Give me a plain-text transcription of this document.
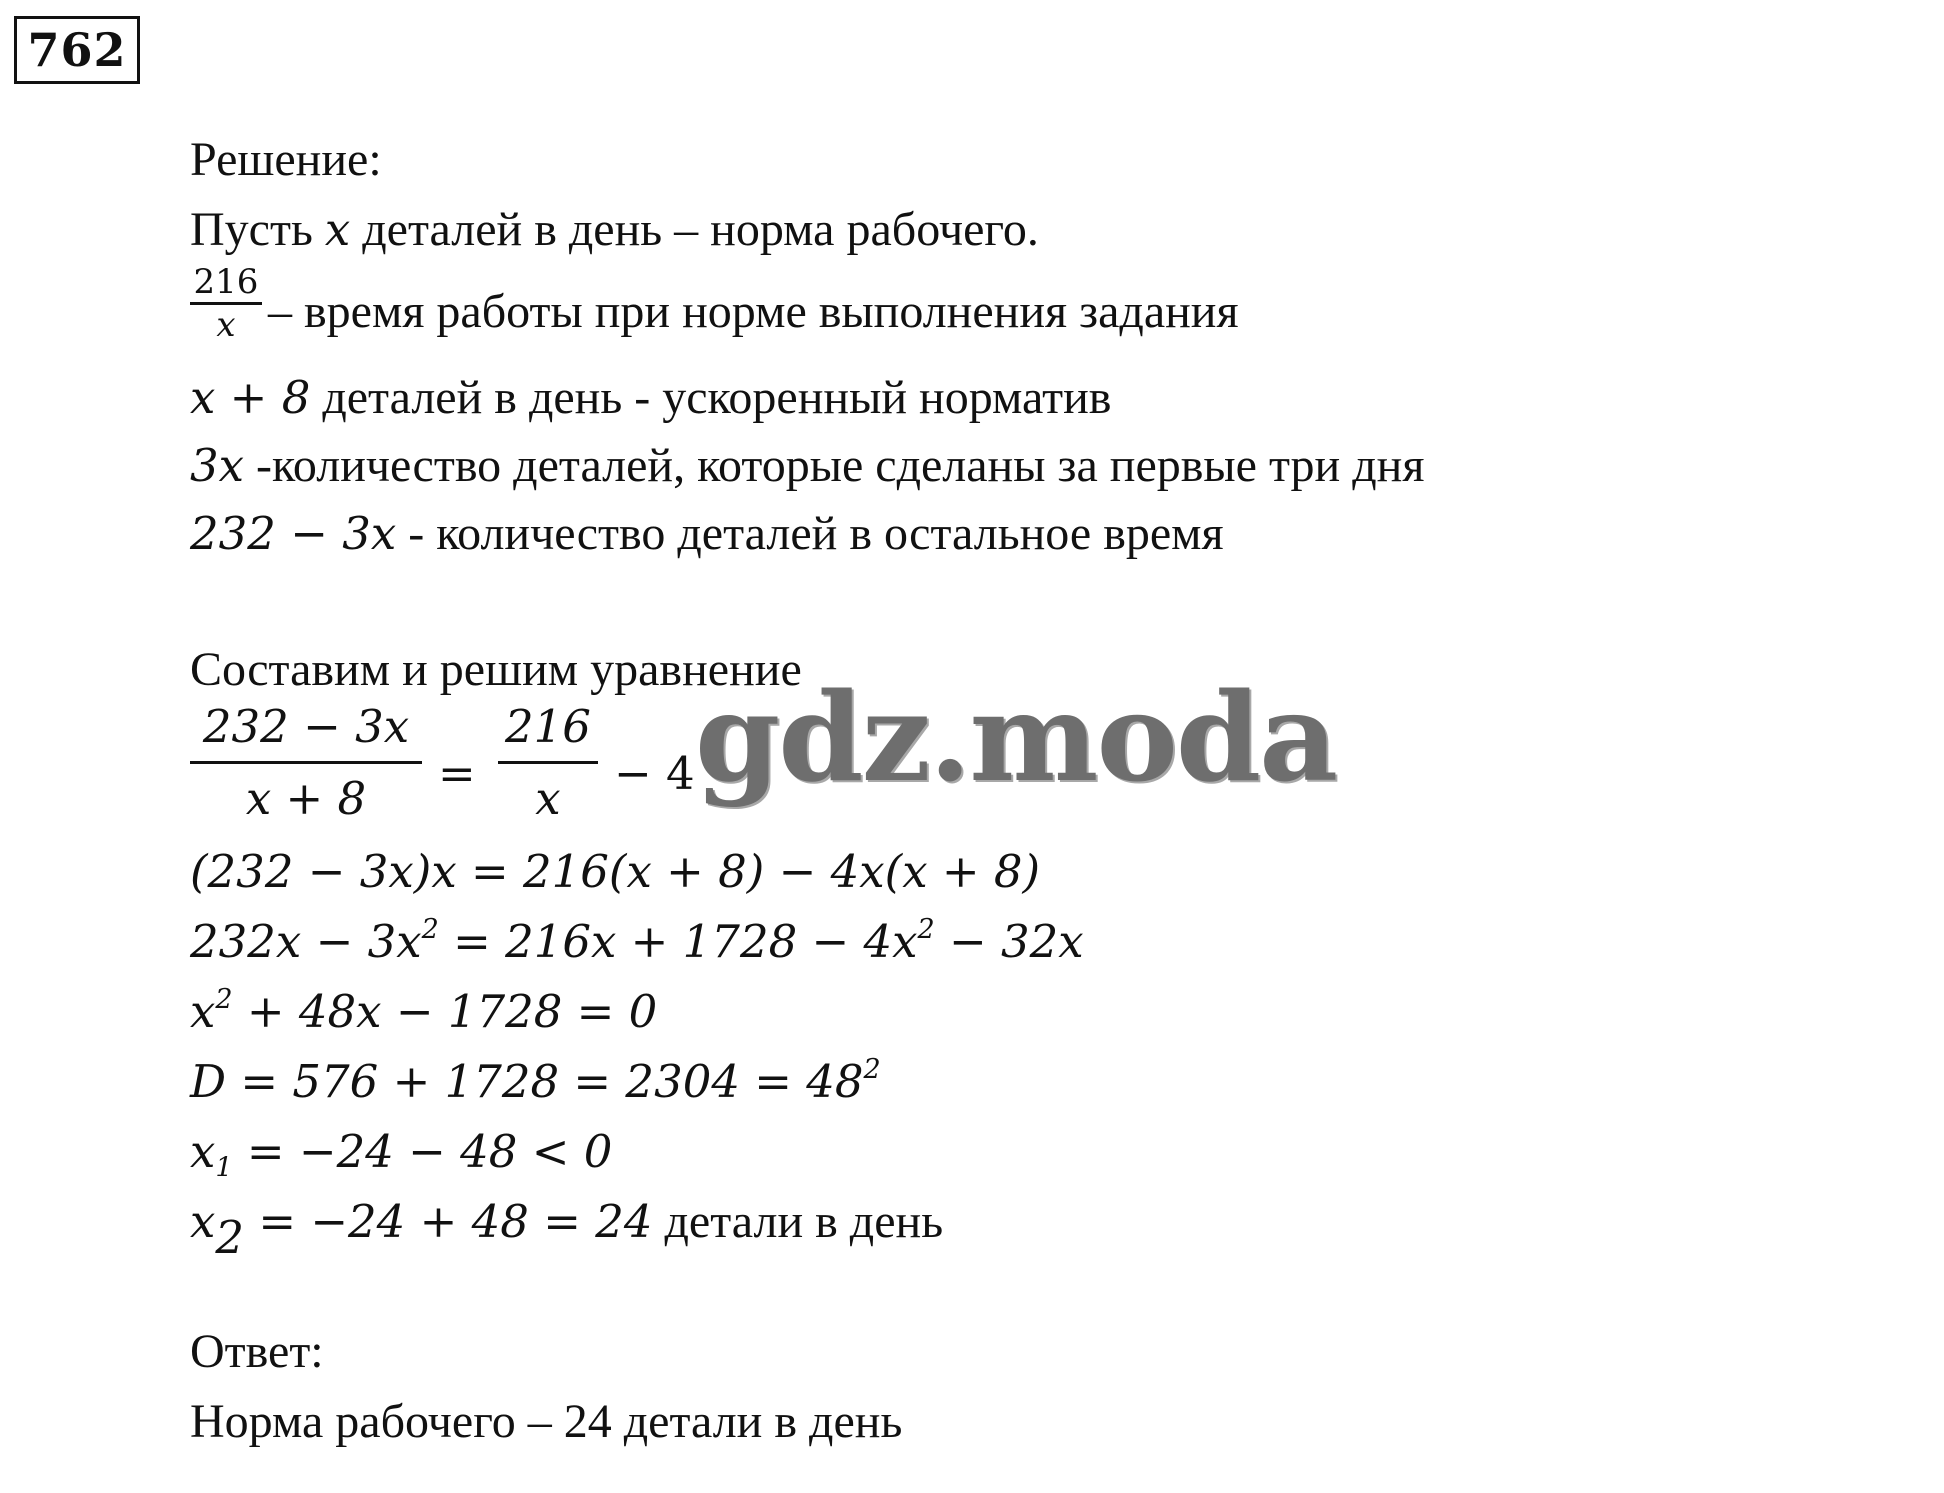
762
Решение:
Пусть x деталей в день – норма рабочего.
216
x – время работы при норме выполнения задания
x + 8 деталей в день - ускоренный норматив
3x -количество деталей, которые сделаны за первые три дня
232 − 3x - количество деталей в остальное время
Составим и решим уравнение
232 − 3x
x + 8	=
216
x	− 4 gdz.moda
(232 − 3x)x = 216(x + 8) − 4x(x + 8)
$232x - 3x^2 = 216x + 1728 - 4x^2 - 32x$
$x^2 + 48x - 1728 = 0$
$D = 576 + 1728 = 2304 = 48^2$
$x_1 = -24 - 48 < 0$
$x_2 = -24 + 48 = 24$ детали в день
Ответ:
Норма рабочего – 24 детали в день
